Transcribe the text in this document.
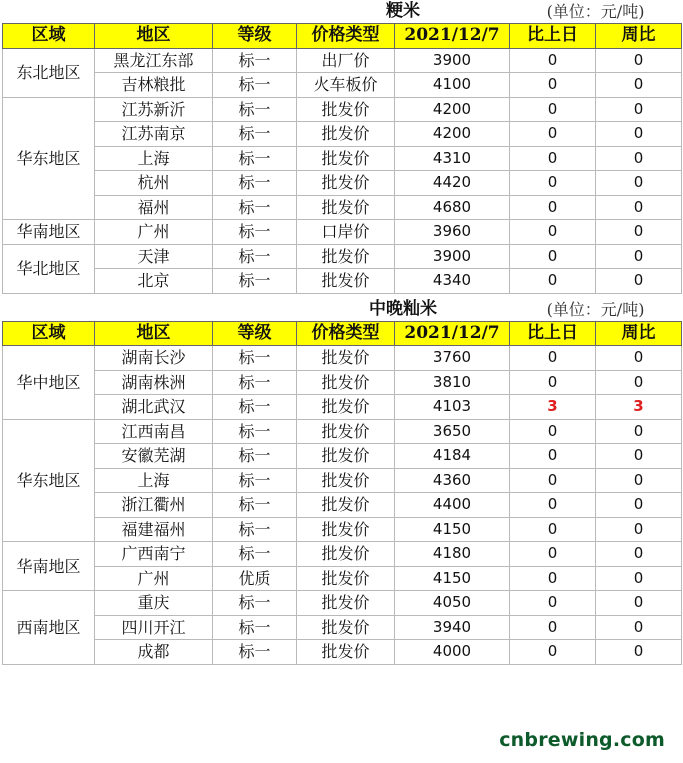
			粳米		(单位：元/吨)	
区域	地区	等级	价格类型	2021/12/7	比上日	周比
东北地区	黑龙江东部	标一	出厂价	3900	0	0
	吉林粮批	标一	火车板价	4100	0	0
华东地区	江苏新沂	标一	批发价	4200	0	0
	江苏南京	标一	批发价	4200	0	0
	上海	标一	批发价	4310	0	0
	杭州	标一	批发价	4420	0	0
	福州	标一	批发价	4680	0	0
华南地区	广州	标一	口岸价	3960	0	0
华北地区	天津	标一	批发价	3900	0	0
	北京	标一	批发价	4340	0	0
			中晚籼米		(单位：元/吨)	
区域	地区	等级	价格类型	2021/12/7	比上日	周比
华中地区	湖南长沙	标一	批发价	3760	0	0
	湖南株洲	标一	批发价	3810	0	0
	湖北武汉	标一	批发价	4103	3	3
华东地区	江西南昌	标一	批发价	3650	0	0
	安徽芜湖	标一	批发价	4184	0	0
	上海	标一	批发价	4360	0	0
	浙江衢州	标一	批发价	4400	0	0
	福建福州	标一	批发价	4150	0	0
华南地区	广西南宁	标一	批发价	4180	0	0
	广州	优质	批发价	4150	0	0
西南地区	重庆	标一	批发价	4050	0	0
	四川开江	标一	批发价	3940	0	0
	成都	标一	批发价	4000	0	0
cnbrewing.com
